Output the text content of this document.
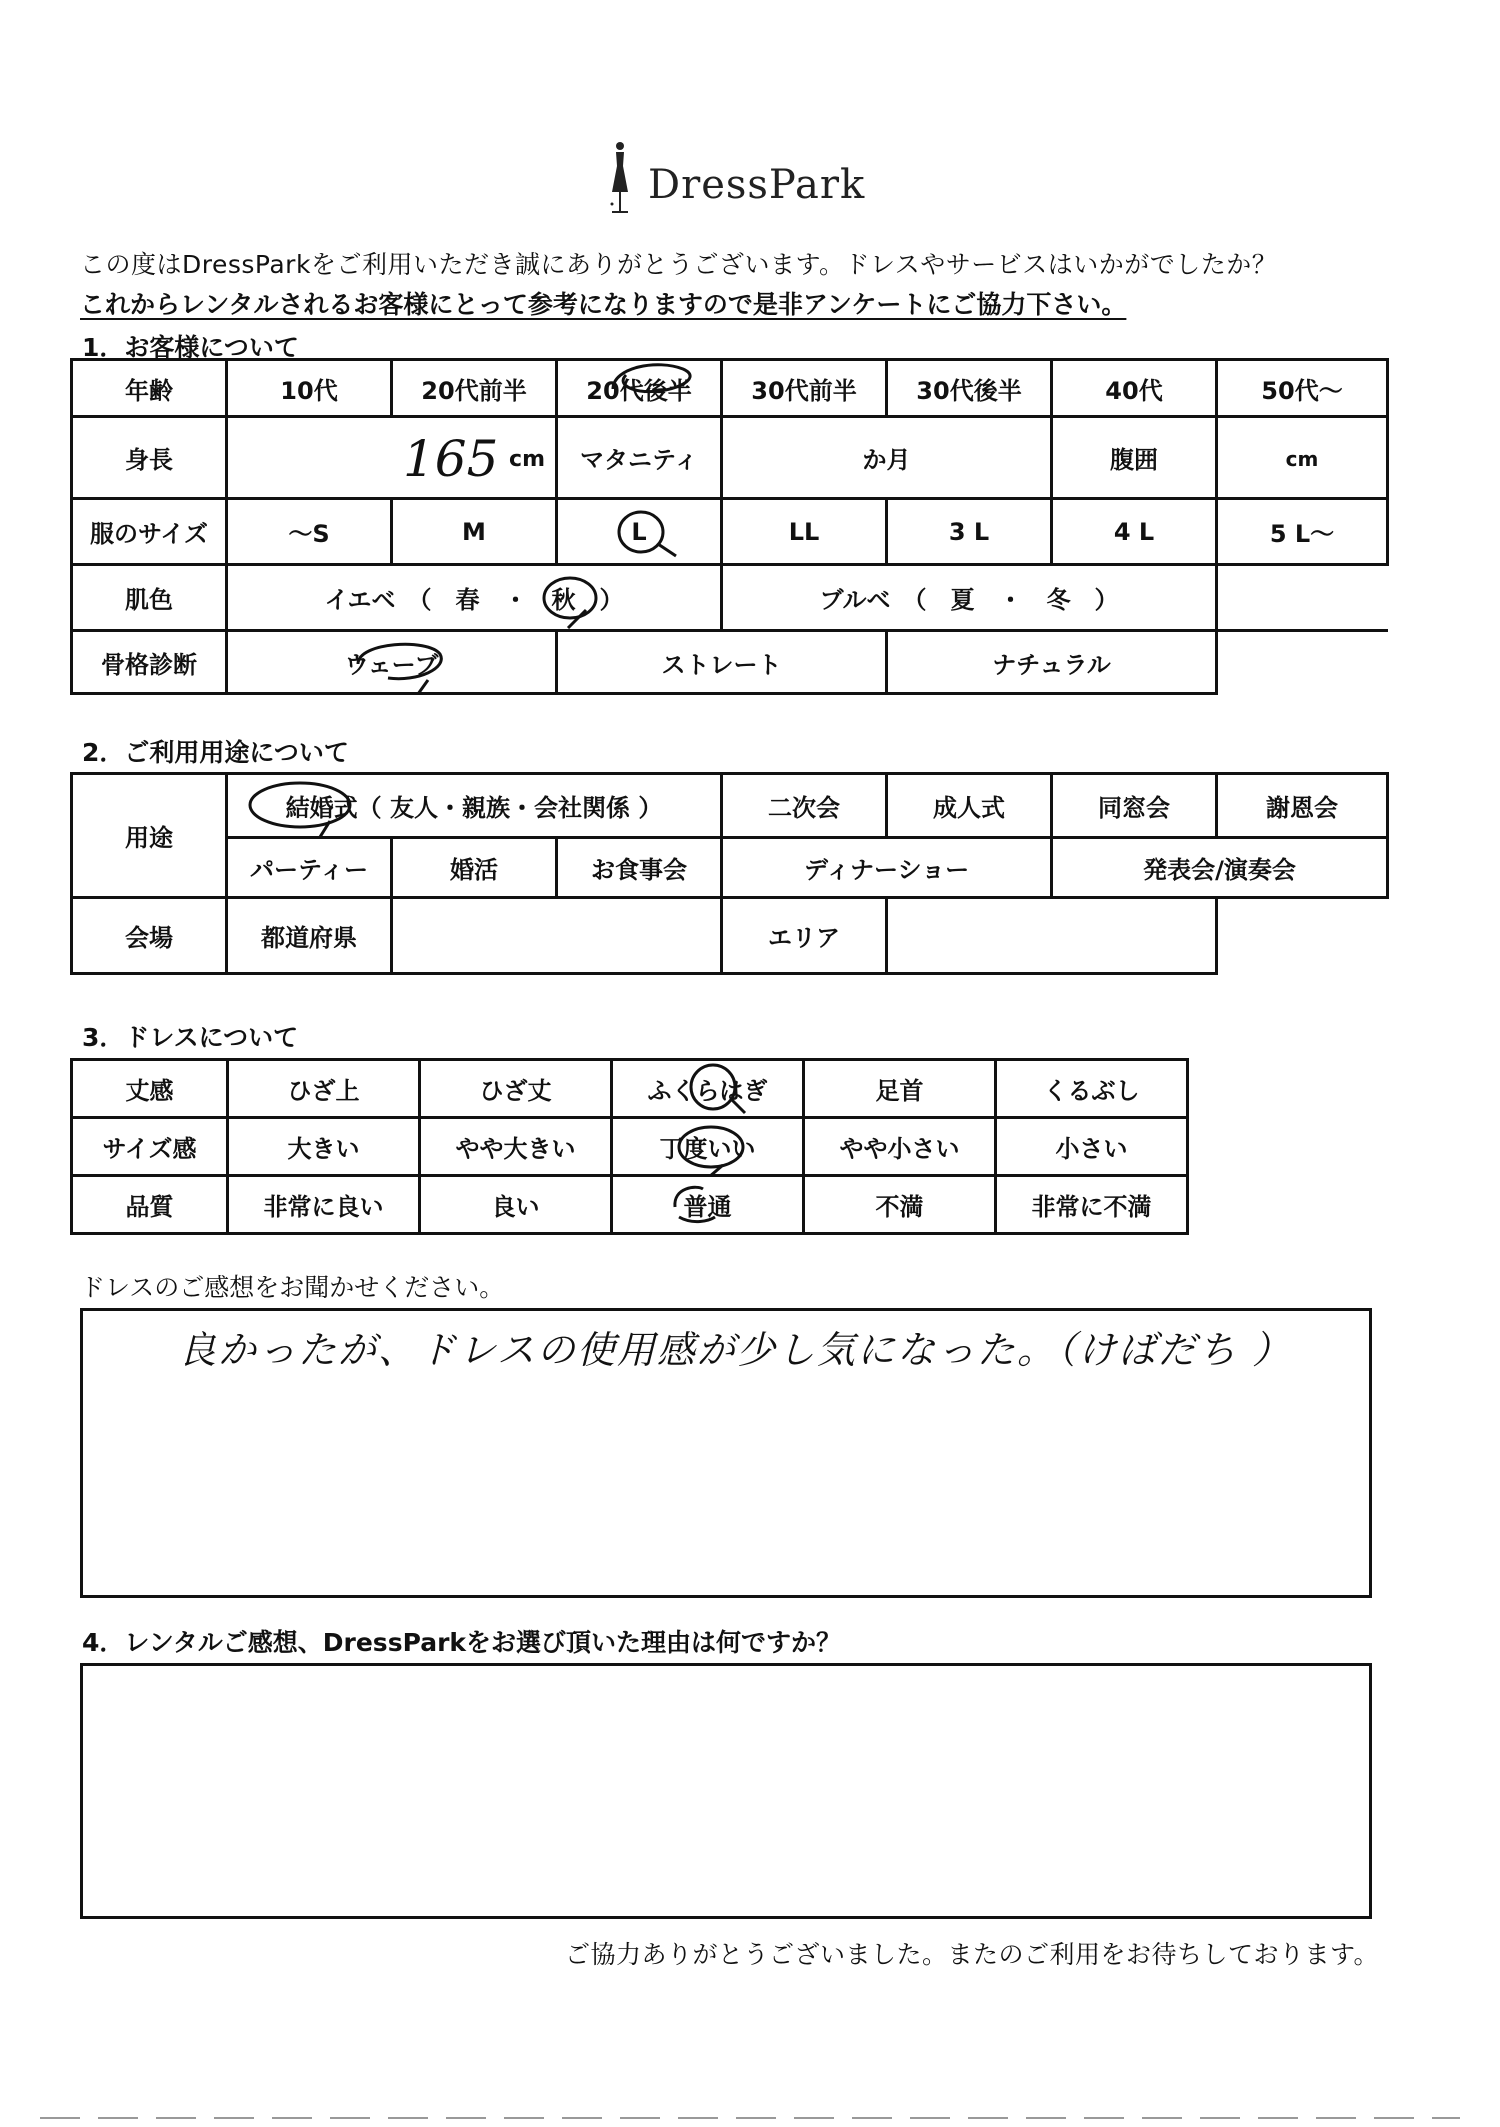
DressPark
この度はDressParkをご利用いただき誠にありがとうございます。ドレスやサービスはいかがでしたか？
これからレンタルされるお客様にとって参考になりますので是非アンケートにご協力下さい。
1．お客様について
年齢	10代	20代前半	20代後半	30代前半	30代後半	40代	50代～
身長	165 cm		マタニティ	か月		腹囲	cm
服のサイズ	～S	M	L	LL	3 L	4 L	5 L～
肌色	イエベ　（　春　・　秋　）			ブルベ　（　夏　・　冬　）			
骨格診断	ウェーブ		ストレート		ナチュラル		
2．ご利用用途について
用途	結婚式（ 友人・親族・会社関係 ）			二次会	成人式	同窓会	謝恩会
	パーティー	婚活	お食事会	ディナーショー		発表会/演奏会	
会場	都道府県			エリア			
3．ドレスについて
丈感	ひざ上	ひざ丈	ふくらはぎ	足首	くるぶし
サイズ感	大きい	やや大きい	丁度いい	やや小さい	小さい
品質	非常に良い	良い	普通	不満	非常に不満
ドレスのご感想をお聞かせください。
良かったが、ドレスの使用感が少し気になった。（けばだち ）
4．レンタルご感想、DressParkをお選び頂いた理由は何ですか？
ご協力ありがとうございました。またのご利用をお待ちしております。
